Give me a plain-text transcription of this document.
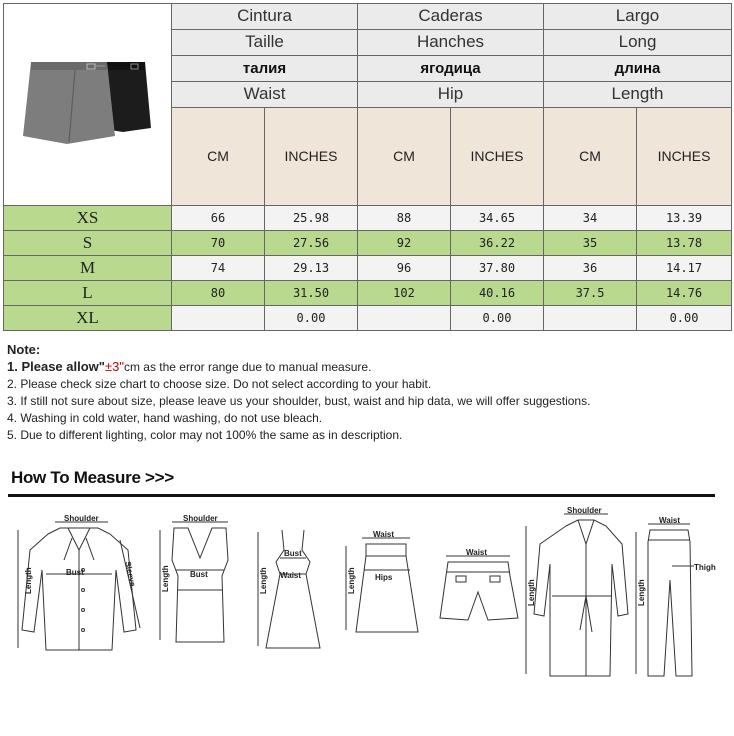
	Cintura		Caderas		Largo	
	Taille		Hanches		Long	
	талия		ягодица		длина	
	Waist		Hip		Length	
	CM	INCHES	CM	INCHES	CM	INCHES
XS	66	25.98	88	34.65	34	13.39
S	70	27.56	92	36.22	35	13.78
M	74	29.13	96	37.80	36	14.17
L	80	31.50	102	40.16	37.5	14.76
XL		0.00		0.00		0.00
Note:
1. Please allow"±3"cm as the error range due to manual measure.
2. Please check size chart to choose size. Do not select according to your habit.
3. If still not sure about size, please leave us your shoulder, bust, waist and hip data, we will offer suggestions.
4. Washing in cold water, hand washing, do not use bleach.
5. Due to different lighting, color may not 100% the same as in description.
How To Measure >>>
Shoulder
Bust
Length	Sleeve
Shoulder
Bust
Length
Bust
Waist
Length
Waist
Hips
Length
Waist
Shoulder
Length
Waist
Thigh
Length
